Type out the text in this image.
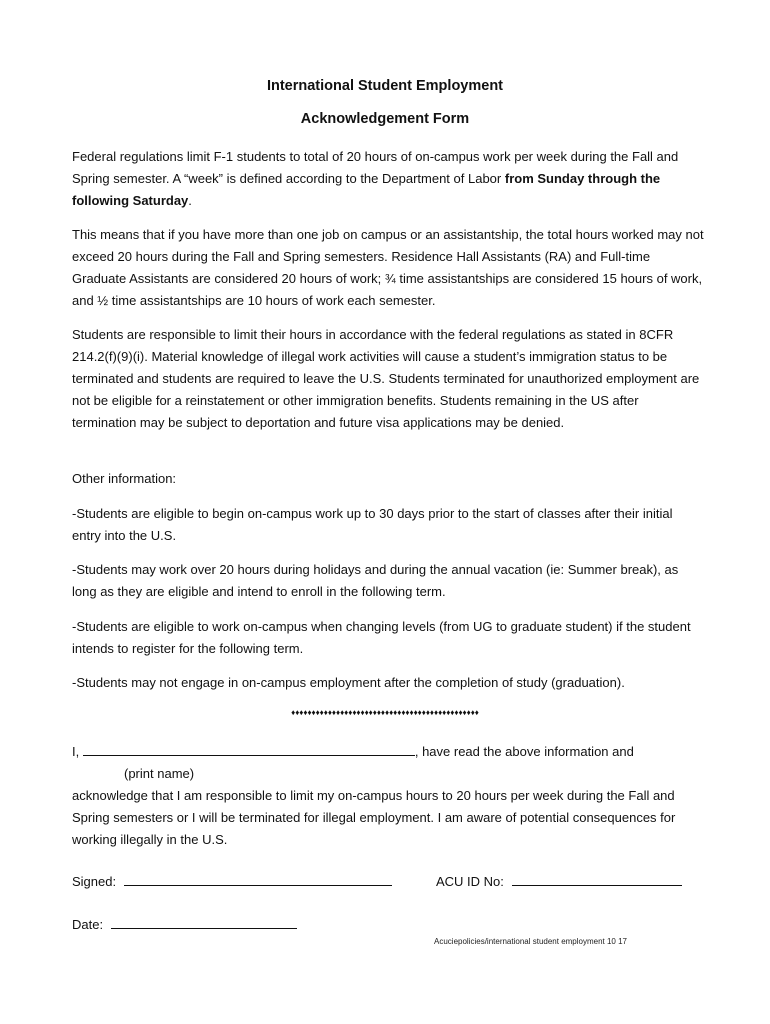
International Student Employment
Acknowledgement Form

Federal regulations limit F-1 students to total of 20 hours of on-campus work per week during the Fall and Spring semester. A “week” is defined according to the Department of Labor from Sunday through the following Saturday.

This means that if you have more than one job on campus or an assistantship, the total hours worked may not exceed 20 hours during the Fall and Spring semesters. Residence Hall Assistants (RA) and Full-time Graduate Assistants are considered 20 hours of work; ¾ time assistantships are considered 15 hours of work, and ½ time assistantships are 10 hours of work each semester.

Students are responsible to limit their hours in accordance with the federal regulations as stated in 8CFR 214.2(f)(9)(i). Material knowledge of illegal work activities will cause a student’s immigration status to be terminated and students are required to leave the U.S. Students terminated for unauthorized employment are not be eligible for a reinstatement or other immigration benefits. Students remaining in the US after termination may be subject to deportation and future visa applications may be denied.

Other information:

-Students are eligible to begin on-campus work up to 30 days prior to the start of classes after their initial entry into the U.S.

-Students may work over 20 hours during holidays and during the annual vacation (ie: Summer break), as long as they are eligible and intend to enroll in the following term.

-Students are eligible to work on-campus when changing levels (from UG to graduate student) if the student intends to register for the following term.

-Students may not engage in on-campus employment after the completion of study (graduation).

♦♦♦♦♦♦♦♦♦♦♦♦♦♦♦♦♦♦♦♦♦♦♦♦♦♦♦♦♦♦♦♦♦♦♦♦♦♦♦♦♦♦♦♦♦♦
I,	, have read the above information and
(print name)

acknowledge that I am responsible to limit my on-campus hours to 20 hours per week during the Fall and Spring semesters or I will be terminated for illegal employment. I am aware of potential consequences for working illegally in the U.S.

Signed:	ACU ID No:
Date:
Acuciepolicies/international student employment 10 17
